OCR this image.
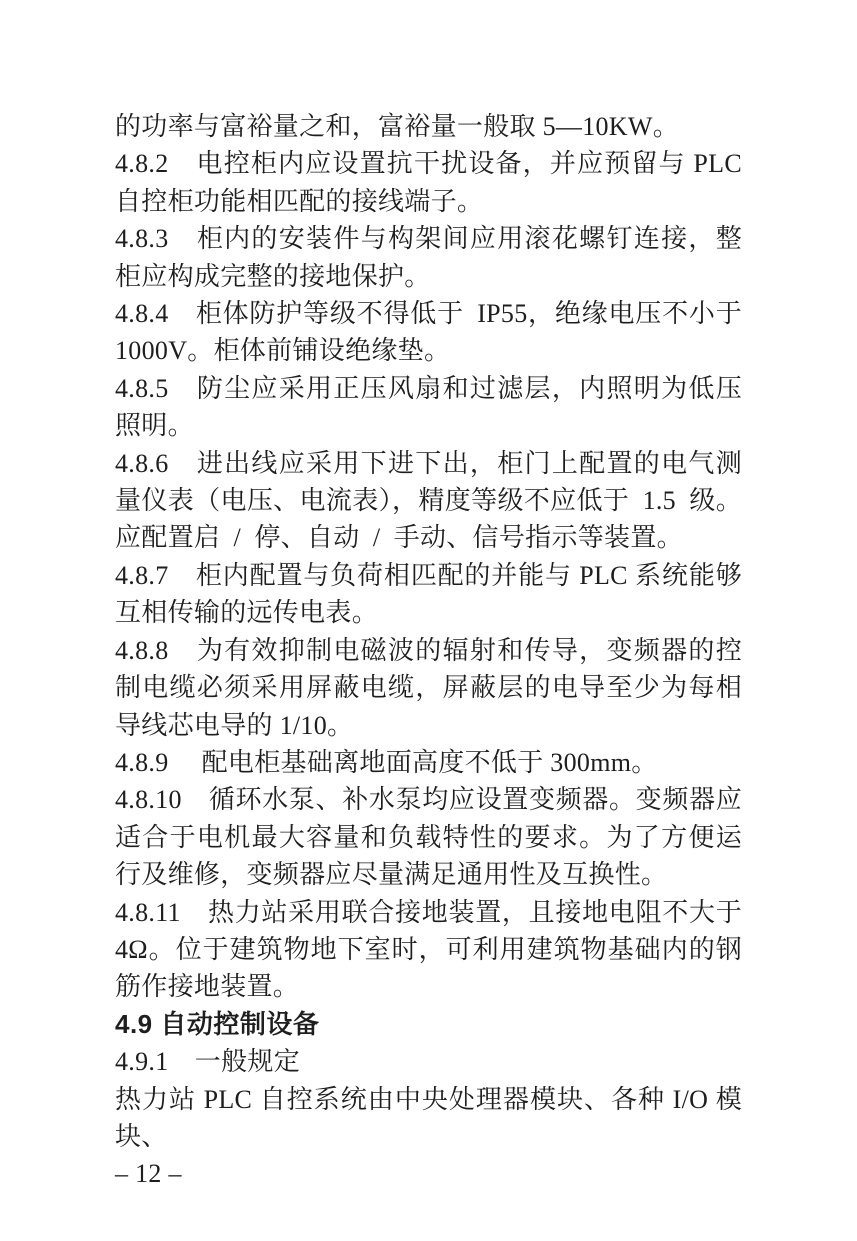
的功率与富裕量之和，富裕量一般取 5—10KW。

4.8.2　电控柜内应设置抗干扰设备，并应预留与 PLC 自控柜功能相匹配的接线端子。

4.8.3　柜内的安装件与构架间应用滚花螺钉连接，整柜应构成完整的接地保护。

4.8.4　柜体防护等级不得低于 IP55，绝缘电压不小于 1000V。柜体前铺设绝缘垫。

4.8.5　防尘应采用正压风扇和过滤层，内照明为低压照明。

4.8.6　进出线应采用下进下出，柜门上配置的电气测量仪表（电压、电流表），精度等级不应低于 1.5 级。应配置启 / 停、自动 / 手动、信号指示等装置。

4.8.7　柜内配置与负荷相匹配的并能与 PLC 系统能够互相传输的远传电表。

4.8.8　为有效抑制电磁波的辐射和传导，变频器的控制电缆必须采用屏蔽电缆，屏蔽层的电导至少为每相导线芯电导的 1/10。

4.8.9　 配电柜基础离地面高度不低于 300mm。

4.8.10　循环水泵、补水泵均应设置变频器。变频器应适合于电机最大容量和负载特性的要求。为了方便运行及维修，变频器应尽量满足通用性及互换性。

4.8.11　热力站采用联合接地装置，且接地电阻不大于 4Ω。位于建筑物地下室时，可利用建筑物基础内的钢筋作接地装置。

4.9 自动控制设备

4.9.1　一般规定

热力站 PLC 自控系统由中央处理器模块、各种 I/O 模块、

– 12 –
